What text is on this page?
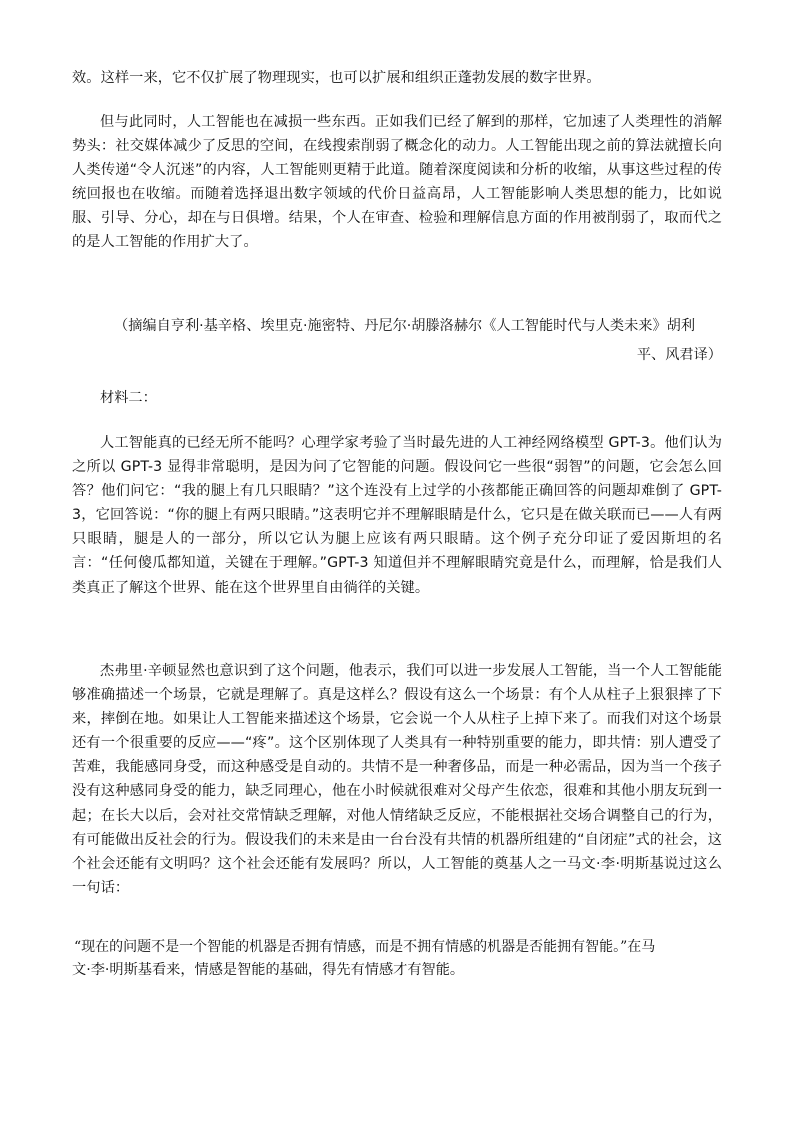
效。这样一来，它不仅扩展了物理现实，也可以扩展和组织正蓬勃发展的数字世界。

但与此同时，人工智能也在减损一些东西。正如我们已经了解到的那样，它加速了人类理性的消解势头：社交媒体减少了反思的空间，在线搜索削弱了概念化的动力。人工智能出现之前的算法就擅长向人类传递“令人沉迷”的内容，人工智能则更精于此道。随着深度阅读和分析的收缩，从事这些过程的传统回报也在收缩。而随着选择退出数字领域的代价日益高昂，人工智能影响人类思想的能力，比如说服、引导、分心，却在与日俱增。结果，个人在审查、检验和理解信息方面的作用被削弱了，取而代之的是人工智能的作用扩大了。

（摘编自亨利·基辛格、埃里克·施密特、丹尼尔·胡滕洛赫尔《人工智能时代与人类未来》胡利

平、风君译）

材料二：

人工智能真的已经无所不能吗？心理学家考验了当时最先进的人工神经网络模型 GPT-3。他们认为之所以 GPT-3 显得非常聪明，是因为问了它智能的问题。假设问它一些很“弱智”的问题，它会怎么回答？他们问它：“我的腿上有几只眼睛？”这个连没有上过学的小孩都能正确回答的问题却难倒了 GPT-3，它回答说：“你的腿上有两只眼睛。”这表明它并不理解眼睛是什么，它只是在做关联而已——人有两只眼睛，腿是人的一部分，所以它认为腿上应该有两只眼睛。这个例子充分印证了爱因斯坦的名言：“任何傻瓜都知道，关键在于理解。”GPT-3 知道但并不理解眼睛究竟是什么，而理解，恰是我们人类真正了解这个世界、能在这个世界里自由徜徉的关键。

杰弗里·辛顿显然也意识到了这个问题，他表示，我们可以进一步发展人工智能，当一个人工智能能够准确描述一个场景，它就是理解了。真是这样么？假设有这么一个场景：有个人从柱子上狠狠摔了下来，摔倒在地。如果让人工智能来描述这个场景，它会说一个人从柱子上掉下来了。而我们对这个场景还有一个很重要的反应——“疼”。这个区别体现了人类具有一种特别重要的能力，即共情：别人遭受了苦难，我能感同身受，而这种感受是自动的。共情不是一种奢侈品，而是一种必需品，因为当一个孩子没有这种感同身受的能力，缺乏同理心，他在小时候就很难对父母产生依恋，很难和其他小朋友玩到一起；在长大以后，会对社交常情缺乏理解，对他人情绪缺乏反应，不能根据社交场合调整自己的行为，有可能做出反社会的行为。假设我们的未来是由一台台没有共情的机器所组建的“自闭症”式的社会，这个社会还能有文明吗？这个社会还能有发展吗？所以，人工智能的奠基人之一马文·李·明斯基说过这么一句话：

“现在的问题不是一个智能的机器是否拥有情感，而是不拥有情感的机器是否能拥有智能。”在马

文·李·明斯基看来，情感是智能的基础，得先有情感才有智能。
